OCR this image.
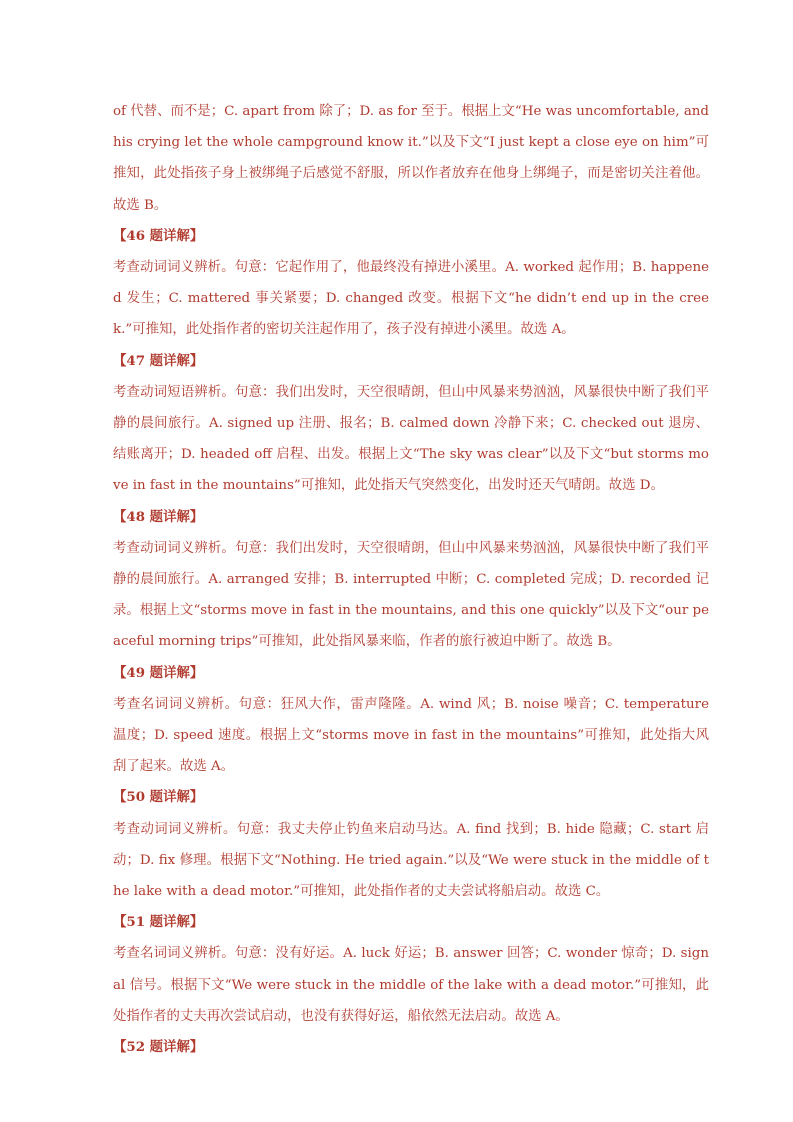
of 代替、而不是；C. apart from 除了；D. as for 至于。根据上文“He was uncomfortable, and his crying let the whole campground know it.”以及下文“I just kept a close eye on him”可推知，此处指孩子身上被绑绳子后感觉不舒服，所以作者放弃在他身上绑绳子，而是密切关注着他。故选 B。

【46 题详解】

考查动词词义辨析。句意：它起作用了，他最终没有掉进小溪里。A. worked 起作用；B. happened 发生；C. mattered 事关紧要；D. changed 改变。根据下文“he didn’t end up in the creek.”可推知，此处指作者的密切关注起作用了，孩子没有掉进小溪里。故选 A。

【47 题详解】

考查动词短语辨析。句意：我们出发时，天空很晴朗，但山中风暴来势汹汹，风暴很快中断了我们平静的晨间旅行。A. signed up 注册、报名；B. calmed down 冷静下来；C. checked out 退房、结账离开；D. headed off 启程、出发。根据上文“The sky was clear”以及下文“but storms move in fast in the mountains”可推知，此处指天气突然变化，出发时还天气晴朗。故选 D。

【48 题详解】

考查动词词义辨析。句意：我们出发时，天空很晴朗，但山中风暴来势汹汹，风暴很快中断了我们平静的晨间旅行。A. arranged 安排；B. interrupted 中断；C. completed 完成；D. recorded 记录。根据上文“storms move in fast in the mountains, and this one quickly”以及下文“our peaceful morning trips”可推知，此处指风暴来临，作者的旅行被迫中断了。故选 B。

【49 题详解】

考查名词词义辨析。句意：狂风大作，雷声隆隆。A. wind 风；B. noise 噪音；C. temperature 温度；D. speed 速度。根据上文“storms move in fast in the mountains”可推知，此处指大风刮了起来。故选 A。

【50 题详解】

考查动词词义辨析。句意：我丈夫停止钓鱼来启动马达。A. find 找到；B. hide 隐藏；C. start 启动；D. fix 修理。根据下文“Nothing. He tried again.”以及“We were stuck in the middle of the lake with a dead motor.”可推知，此处指作者的丈夫尝试将船启动。故选 C。

【51 题详解】

考查名词词义辨析。句意：没有好运。A. luck 好运；B. answer 回答；C. wonder 惊奇；D. signal 信号。根据下文“We were stuck in the middle of the lake with a dead motor.”可推知，此处指作者的丈夫再次尝试启动，也没有获得好运，船依然无法启动。故选 A。

【52 题详解】
